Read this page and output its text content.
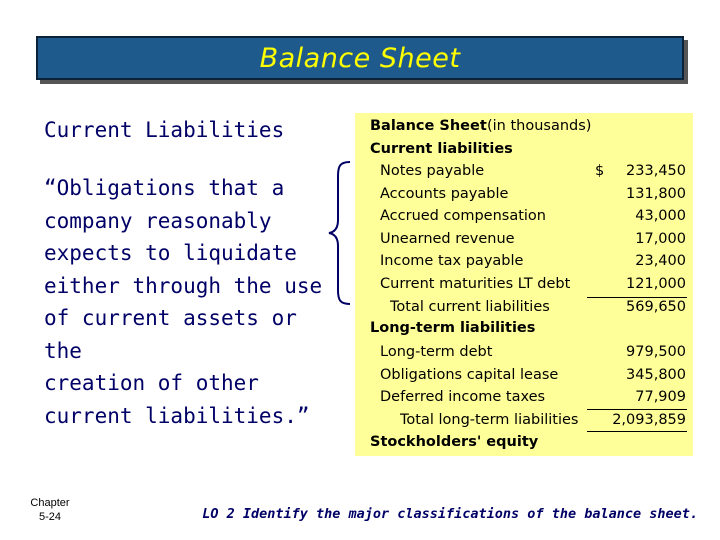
Balance Sheet
Current Liabilities
“Obligations that a
company reasonably
expects to liquidate
either through the use
of current assets or the
creation of other
current liabilities.”
Balance Sheet (in thousands)
Current liabilities
Notes payable	$ 233,450
Accounts payable	131,800
Accrued compensation	43,000
Unearned revenue	17,000
Income tax payable	23,400
Current maturities LT debt	121,000
Total current liabilities	569,650
Long-term liabilities
Long-term debt	979,500
Obligations capital lease	345,800
Deferred income taxes	77,909
Total long-term liabilities 2,093,859
Stockholders' equity
Chapter
5-24	LO 2 Identify the major classifications of the balance sheet.
